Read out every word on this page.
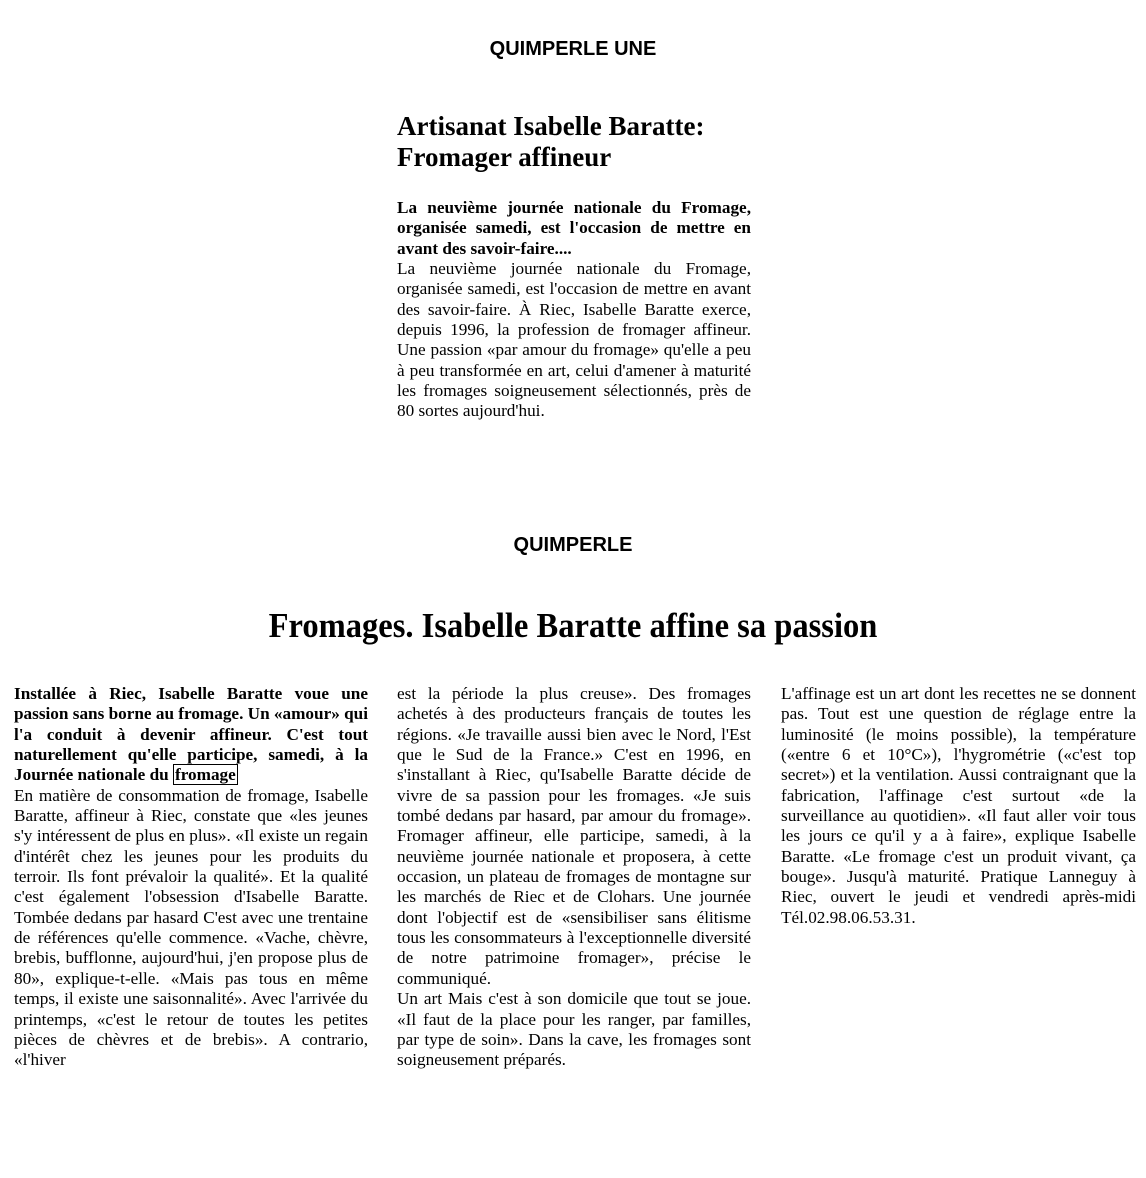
QUIMPERLE UNE
Artisanat Isabelle Baratte:
Fromager affineur

La neuvième journée nationale du Fromage, organisée samedi, est l'occasion de mettre en avant des savoir-faire....

La neuvième journée nationale du Fromage, organisée samedi, est l'occasion de mettre en avant des savoir-faire. À Riec, Isabelle Baratte exerce, depuis 1996, la profession de fromager affineur. Une passion «par amour du fromage» qu'elle a peu à peu transformée en art, celui d'amener à maturité les fromages soigneusement sélectionnés, près de 80 sortes aujourd'hui.

QUIMPERLE
Fromages. Isabelle Baratte affine sa passion

Installée à Riec, Isabelle Baratte voue une passion sans borne au fromage. Un «amour» qui l'a conduit à devenir affineur. C'est tout naturellement qu'elle participe, samedi, à la Journée nationale du fromage

En matière de consommation de fromage, Isabelle Baratte, affineur à Riec, constate que «les jeunes s'y intéressent de plus en plus». «Il existe un regain d'intérêt chez les jeunes pour les produits du terroir. Ils font prévaloir la qualité». Et la qualité c'est également l'obsession d'Isabelle Baratte. Tombée dedans par hasard C'est avec une trentaine de références qu'elle commence. «Vache, chèvre, brebis, bufflonne, aujourd'hui, j'en propose plus de 80», explique-t-elle. «Mais pas tous en même temps, il existe une saisonnalité». Avec l'arrivée du printemps, «c'est le retour de toutes les petites pièces de chèvres et de brebis». A contrario, «l'hiver

est la période la plus creuse». Des fromages achetés à des producteurs français de toutes les régions. «Je travaille aussi bien avec le Nord, l'Est que le Sud de la France.» C'est en 1996, en s'installant à Riec, qu'Isabelle Baratte décide de vivre de sa passion pour les fromages. «Je suis tombé dedans par hasard, par amour du fromage». Fromager affineur, elle participe, samedi, à la neuvième journée nationale et proposera, à cette occasion, un plateau de fromages de montagne sur les marchés de Riec et de Clohars. Une journée dont l'objectif est de «sensibiliser sans élitisme tous les consommateurs à l'exceptionnelle diversité de notre patrimoine fromager», précise le communiqué.

Un art Mais c'est à son domicile que tout se joue. «Il faut de la place pour les ranger, par familles, par type de soin». Dans la cave, les fromages sont soigneusement préparés.

L'affinage est un art dont les recettes ne se donnent pas. Tout est une question de réglage entre la luminosité (le moins possible), la température («entre 6 et 10°C»), l'hygrométrie («c'est top secret») et la ventilation. Aussi contraignant que la fabrication, l'affinage c'est surtout «de la surveillance au quotidien». «Il faut aller voir tous les jours ce qu'il y a à faire», explique Isabelle Baratte. «Le fromage c'est un produit vivant, ça bouge». Jusqu'à maturité. Pratique Lanneguy à Riec, ouvert le jeudi et vendredi après-midi Tél.02.98.06.53.31.
